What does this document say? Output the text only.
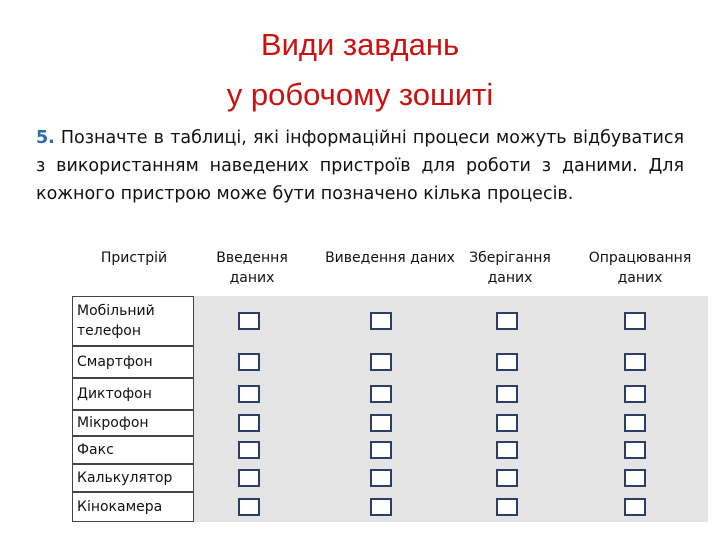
Види завдань
у робочому зошиті
5. Позначте в таблиці, які інформаційні процеси можуть відбуватися з використанням наведених пристроїв для роботи з даними. Для кожного пристрою може бути позначено кілька процесів.
Пристрій	Введення даних
Виведення даних	Зберігання даних
Опрацювання даних
Мобільний телефон
Смартфон
Диктофон
Мікрофон
Факс
Калькулятор
Кінокамера
